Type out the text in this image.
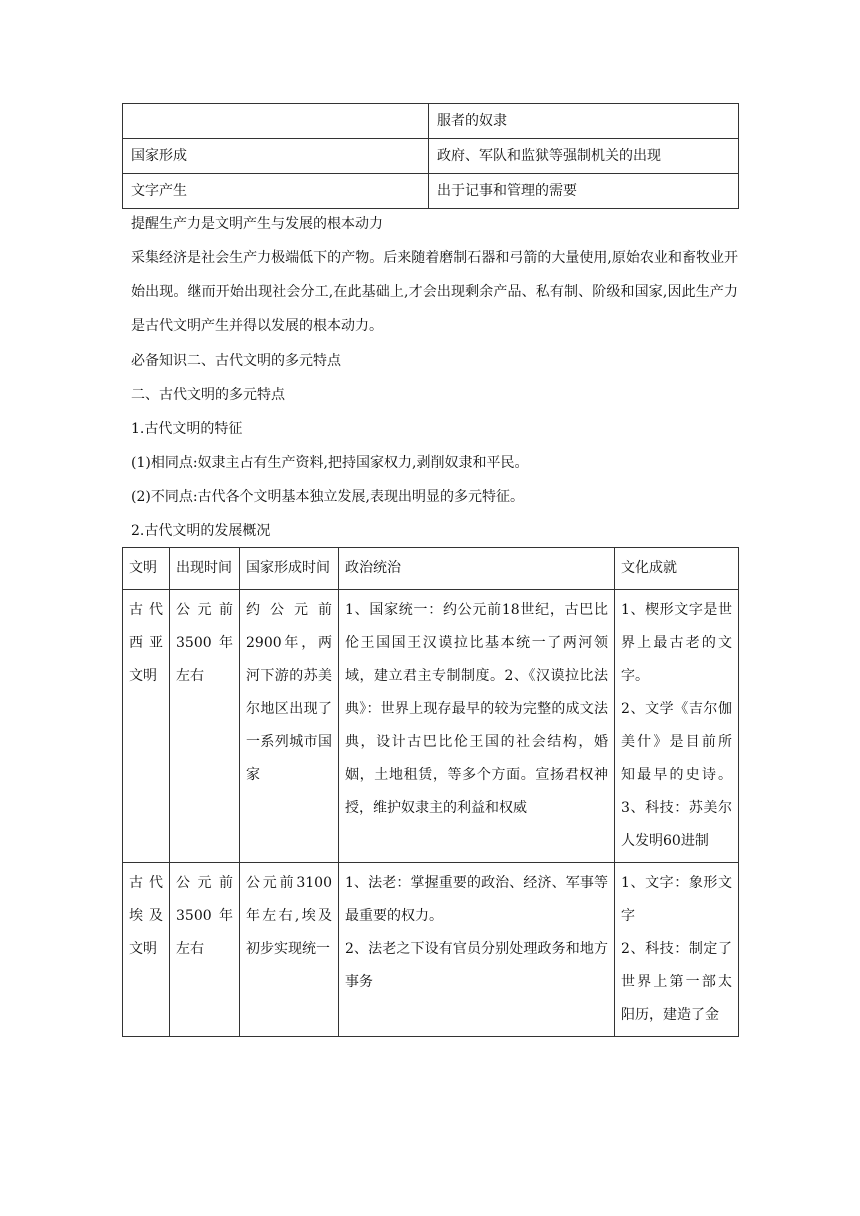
	服者的奴隶
国家形成	政府、军队和监狱等强制机关的出现
文字产生	出于记事和管理的需要

提醒生产力是文明产生与发展的根本动力

采集经济是社会生产力极端低下的产物。后来随着磨制石器和弓箭的大量使用,原始农业和畜牧业开始出现。继而开始出现社会分工,在此基础上,才会出现剩余产品、私有制、阶级和国家,因此生产力是古代文明产生并得以发展的根本动力。

必备知识二、古代文明的多元特点

二、古代文明的多元特点

1.古代文明的特征

(1)相同点:奴隶主占有生产资料,把持国家权力,剥削奴隶和平民。

(2)不同点:古代各个文明基本独立发展,表现出明显的多元特征。

2.古代文明的发展概况

文明	出现时间	国家形成时间	政治统治	文化成就
古代西亚文明	公元前3500年左右	约公元前2900年，两河下游的苏美尔地区出现了一系列城市国家	1、国家统一：约公元前18世纪，古巴比伦王国国王汉谟拉比基本统一了两河领域，建立君主专制制度。2、《汉谟拉比法典》：世界上现存最早的较为完整的成文法典，设计古巴比伦王国的社会结构，婚姻，土地租赁，等多个方面。宣扬君权神授，维护奴隶主的利益和权威	1、楔形文字是世界上最古老的文字。
2、文学《吉尔伽美什》是目前所知最早的史诗。3、科技：苏美尔人发明60进制

古代埃及文明	公元前3500年左右	公元前3100年左右,埃及初步实现统一	1、法老：掌握重要的政治、经济、军事等最重要的权力。
2、法老之下设有官员分别处理政务和地方事务	1、文字：象形文字
2、科技：制定了世界上第一部太阳历，建造了金
